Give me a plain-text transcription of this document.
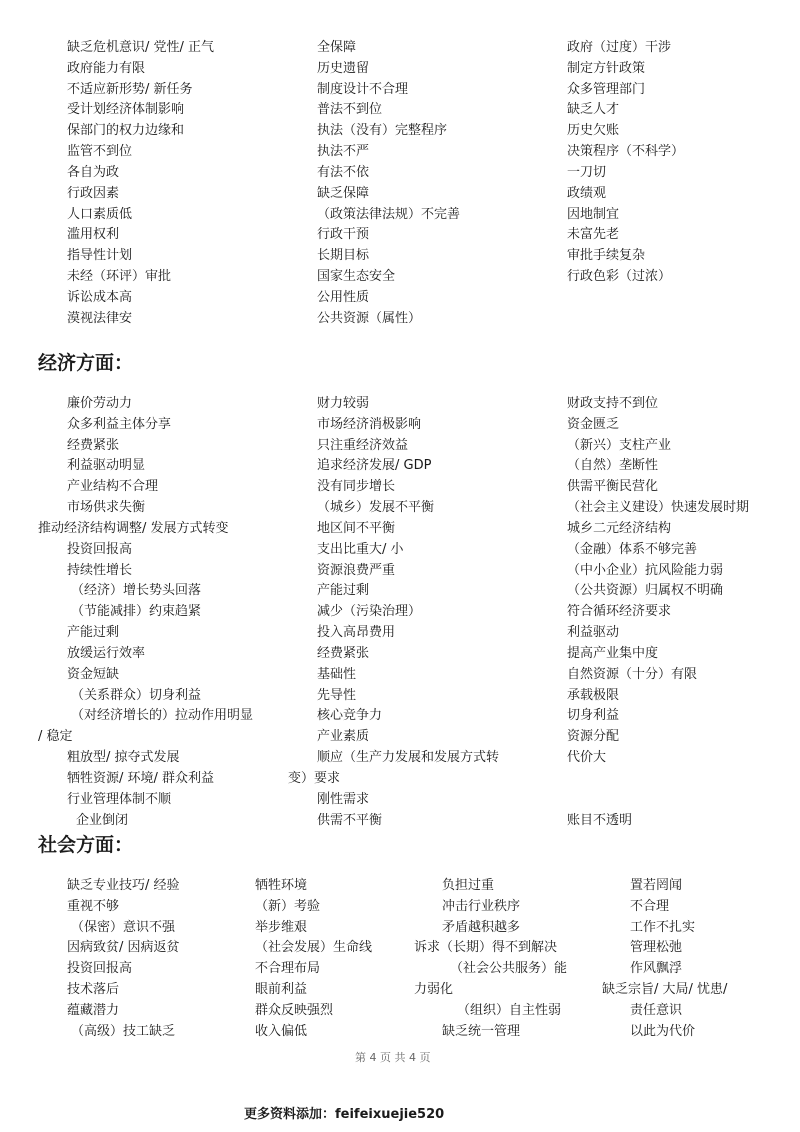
缺乏危机意识/ 党性/ 正气	全保障	政府（过度）干涉
政府能力有限	历史遗留	制定方针政策
不适应新形势/ 新任务	制度设计不合理	众多管理部门
受计划经济体制影响	普法不到位	缺乏人才
保部门的权力边缘和	执法（没有）完整程序	历史欠账
监管不到位	执法不严	决策程序（不科学）
各自为政	有法不依	一刀切
行政因素	缺乏保障	政绩观
人口素质低	（政策法律法规）不完善	因地制宜
滥用权利	行政干预	未富先老
指导性计划	长期目标	审批手续复杂
未经（环评）审批	国家生态安全	行政色彩（过浓）
诉讼成本高	公用性质
漠视法律安	公共资源（属性）
经济方面：
廉价劳动力	财力较弱	财政支持不到位
众多利益主体分享	市场经济消极影响	资金匮乏
经费紧张	只注重经济效益	（新兴）支柱产业
利益驱动明显	追求经济发展/ GDP	（自然）垄断性
产业结构不合理	没有同步增长	供需平衡民营化
市场供求失衡	（城乡）发展不平衡	（社会主义建设）快速发展时期
推动经济结构调整/ 发展方式转变	地区间不平衡	城乡二元经济结构
投资回报高	支出比重大/ 小	（金融）体系不够完善
持续性增长	资源浪费严重	（中小企业）抗风险能力弱
（经济）增长势头回落	产能过剩	（公共资源）归属权不明确
（节能减排）约束趋紧	减少（污染治理）	符合循环经济要求
产能过剩	投入高昂费用	利益驱动
放缓运行效率	经费紧张	提高产业集中度
资金短缺	基础性	自然资源（十分）有限
（关系群众）切身利益	先导性	承载极限
（对经济增长的）拉动作用明显	核心竞争力	切身利益
/ 稳定	产业素质	资源分配
粗放型/ 掠夺式发展	顺应（生产力发展和发展方式转	代价大
牺牲资源/ 环境/ 群众利益	变）要求
行业管理体制不顺	刚性需求
企业倒闭	供需不平衡	账目不透明
社会方面：
缺乏专业技巧/ 经验	牺牲环境	负担过重	置若罔闻
重视不够	（新）考验	冲击行业秩序	不合理
（保密）意识不强	举步维艰	矛盾越积越多	工作不扎实
因病致贫/ 因病返贫	（社会发展）生命线	诉求（长期）得不到解决	管理松弛
投资回报高	不合理布局	（社会公共服务）能	作风飘浮
技术落后	眼前利益	力弱化	缺乏宗旨/ 大局/ 忧患/
蕴藏潜力	群众反映强烈	（组织）自主性弱	责任意识
（高级）技工缺乏	收入偏低	缺乏统一管理	以此为代价
第 4 页 共 4 页
更多资料添加：feifeixuejie520
